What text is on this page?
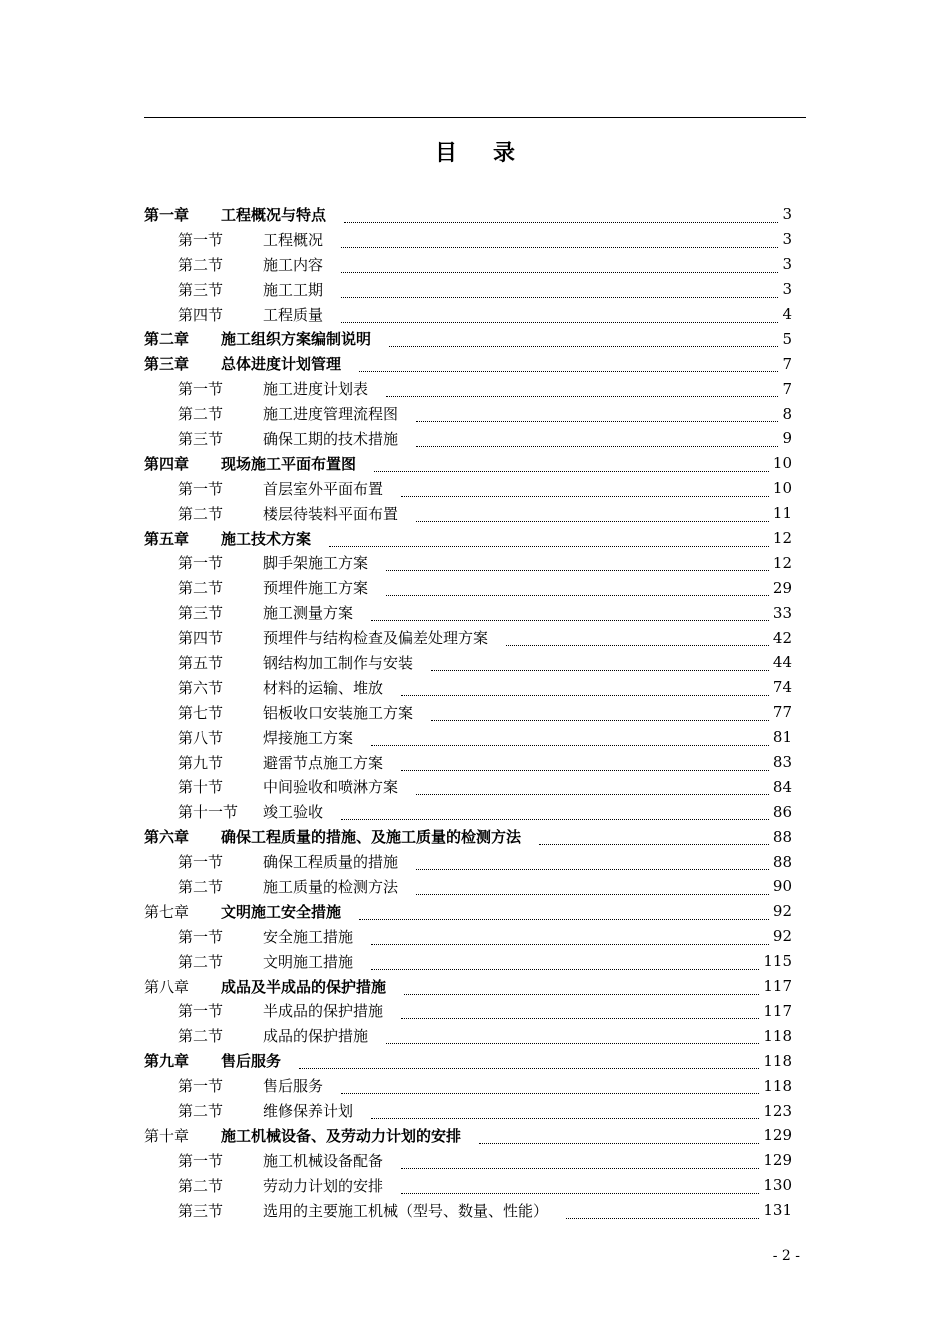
目 录
第一章	工程概况与特点	3
第一节	工程概况	3
第二节	施工内容	3
第三节	施工工期	3
第四节	工程质量	4
第二章	施工组织方案编制说明	5
第三章	总体进度计划管理	7
第一节	施工进度计划表	7
第二节	施工进度管理流程图	8
第三节	确保工期的技术措施	9
第四章	现场施工平面布置图	10
第一节	首层室外平面布置	10
第二节	楼层待装料平面布置	11
第五章	施工技术方案	12
第一节	脚手架施工方案	12
第二节	预埋件施工方案	29
第三节	施工测量方案	33
第四节	预埋件与结构检查及偏差处理方案	42
第五节	钢结构加工制作与安装	44
第六节	材料的运输、堆放	74
第七节	铝板收口安装施工方案	77
第八节	焊接施工方案	81
第九节	避雷节点施工方案	83
第十节	中间验收和喷淋方案	84
第十一节	竣工验收	86
第六章	确保工程质量的措施、及施工质量的检测方法	88
第一节	确保工程质量的措施	88
第二节	施工质量的检测方法	90
第七章	文明施工安全措施	92
第一节	安全施工措施	92
第二节	文明施工措施	115
第八章	成品及半成品的保护措施	117
第一节	半成品的保护措施	117
第二节	成品的保护措施	118
第九章	售后服务	118
第一节	售后服务	118
第二节	维修保养计划	123
第十章	施工机械设备、及劳动力计划的安排	129
第一节	施工机械设备配备	129
第二节	劳动力计划的安排	130
第三节	选用的主要施工机械（型号、数量、性能）	131
- 2 -
